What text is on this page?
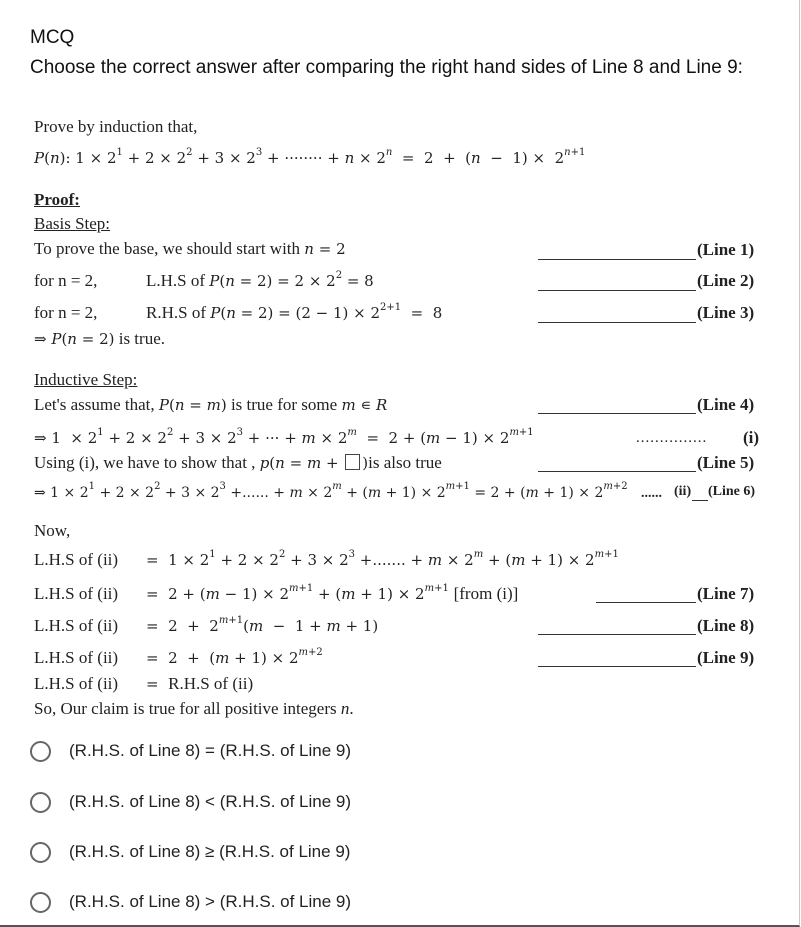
MCQ
Choose the correct answer after comparing the right hand sides of Line 8 and Line 9:
Prove by induction that,
P(n): $1 \times 2^1 + 2 \times 2^2 + 3 \times 2^3$ + ········ + $n \times 2^n = 2 + (n - 1) \times 2^{n+1}$
Proof:
Basis Step:
To prove the base, we should start with n = 2
for n = 2,	L.H.S of $P(n = 2) = 2 \times 2^2 = 8$
for n = 2,	R.H.S of $P(n = 2) = (2 - 1) \times 2^{2+1} = 8$
⇒ P(n = 2) is true.
Inductive Step:
Let's assume that, P(n = m) is true for some m ∊ R
⇒ $1 \times 2^1 + 2 \times 2^2 + 3 \times 2^3$ + ··· + $m \times 2^m = 2 + (m - 1) \times 2^{m+1}$
Using (i), we have to show that , p(n = m + )is also true
⇒ $1 \times 2^1 + 2 \times 2^2 + 3 \times 2^3$ +...... + $m \times 2^m + (m + 1) \times 2^{m+1} = 2 + (m + 1) \times 2^{m+2}$
Now,
L.H.S of $(ii) = 1 \times 2^1 + 2 \times 2^2 + 3 \times 2^3$ +....... + $m \times 2^m + (m + 1) \times 2^{m+1}$
L.H.S of $(ii) = 2 + (m - 1) \times 2^{m+1} + (m + 1) \times 2^{m+1}$ [from (i)]
L.H.S of $(ii) = 2 + 2^{m+1}(m - 1 + m + 1)$
L.H.S of $(ii) = 2 + (m + 1) \times 2^{m+2}$
L.H.S of (ii) =  R.H.S of (ii)
So, Our claim is true for all positive integers n.
(Line 1)
(Line 2)
(Line 3)
(Line 4)
............... (i)
(Line 5)
...... (ii) (Line 6)
(Line 7)
(Line 8)
(Line 9)
(R.H.S. of Line 8) = (R.H.S. of Line 9)
(R.H.S. of Line 8) < (R.H.S. of Line 9)
(R.H.S. of Line 8) ≥ (R.H.S. of Line 9)
(R.H.S. of Line 8) > (R.H.S. of Line 9)
